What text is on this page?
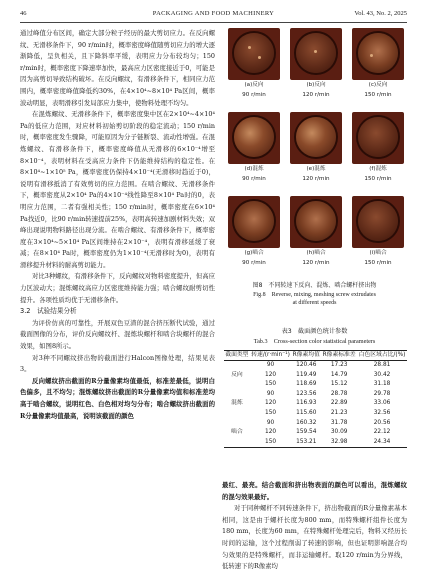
46	PACKAGING AND FOOD MACHINERY	Vol. 43, No. 2, 2025

通过峰值分布区间，确定大部分粒子经历的最大剪切应力。在反向螺纹、无滑移条件下，90 r/min时，概率密度峰值随剪切应力的增大逐渐降低，呈负相关，且下降斜率平缓，表明应力分布较均匀；150 r/min时，概率密度下降速率加快，最高应力区密度接近于0，可能是因为高剪切导致结构破坏。在反向螺纹，有滑移条件下，相同应力范围内，概率密度峰值降低约30%，在4×10⁴~8×10⁴ Pa区间，概率波动明显，表明滑移引发局部应力集中，使物料处理不均匀。

在混炼螺纹、无滑移条件下，概率密度集中区在2×10⁴~4×10⁴ Pa的低应力范围，对应材料初始剪切阶段的稳定流动；150 r/min时，概率密度发生骤降，可能原因为分子链断裂、流动性增强。在混炼螺纹、有滑移条件下，概率密度峰值从无滑移的6×10⁻⁴增至8×10⁻⁴，表明材料在受高应力条件下仍能维持结构的稳定性。在8×10⁴~1×10⁵ Pa，概率密度仍保持4×10⁻⁴(无滑移时趋近于0)，说明有滑移抵消了有效剪切的应力范围。在啮合螺纹、无滑移条件下，概率密度从2×10⁴ Pa的4×10⁻⁴线性降至8×10⁴ Pa时的0，表明应力范围，二者有强相关性；150 r/min时，概率密度在6×10⁴ Pa找近0，比90 r/min转速提前25%，表明高转速加剧材料失效；双峰出现说明物料路径出现分流。在啮合螺纹、有滑移条件下，概率密度在3×10⁴~5×10⁴ Pa区间维持在2×10⁻⁴，表明有滑移延缓了衰减；在8×10⁴ Pa时，概率密度仍为1×10⁻⁴(无滑移时为0)，表明有滑移提升材料的耐高剪切能力。

对比3种螺纹，有滑移条件下，反向螺纹对物料密度提升，但高应力区波动大；混炼螺纹高应力区密度维持能力强；啮合螺纹耐剪切性提升。各项性质均优于无滑移条件。

3.2　试验结果分析

为评价仿真的可靠性，开展双色豆渣的混合挤压断代试验，通过截面图像的分布，评价反向螺纹杆、混炼块螺杆和啮合块螺杆的混合效果，如图8所示。

对3种不同螺纹挤出物的截面进行Halcon图像处理，结果见表3。

反向螺纹挤出截面的R分量像素均值最低，标准差最低，说明白色偏多，且不均匀；混炼螺纹挤出截面的R分量像素均值和标准差均高于啮合螺纹，说明红色、白色相对均匀分布；啮合螺纹挤出截面的R分量像素均值最高，说明该截面的颜色

(a)反向
90 r/min
(b)反向
120 r/min
(c)反向
150 r/min
(d)混炼
90 r/min
(e)混炼
120 r/min
(f)混炼
150 r/min
(g)啮合
90 r/min
(h)啮合
120 r/min
(i)啮合
150 r/min
图8　不同转速下反向、混炼、啮合螺杆挤出物
Fig.8　Reverse, mixing, meshing screw extrudates
at different speeds
表3　截面颜色统计参数
Tab.3　Cross-section color statistical parameters
截面类型	转速/(r·min⁻¹)	R像素均值	R像素标准差	白色区域占比/(%)
反向	90	120.46	17.23	28.81
	120	119.49	14.79	30.42
	150	118.69	15.12	31.18
混炼	90	123.56	28.78	29.78
	120	116.93	22.89	33.06
	150	115.60	21.23	32.56
啮合	90	160.32	31.78	20.56
	120	159.54	30.09	22.12
	150	153.21	32.98	24.34

最红、最亮。结合截面和挤出物表面的颜色可以看出，混炼螺纹的混匀效果最好。

对于同种螺杆不同转速条件下，挤出物截面的R分量像素基本相同，这是由于螺杆长度为800 mm，而特殊螺杆组件长度为180 mm，长度为60 mm，在特殊螺杆处理完后，物料又经历长时间的运输，这个过程削弱了转速的影响，但也证明影响混合均匀效果的是特殊螺杆，而非运输螺杆。取120 r/min为分界线，低转速下的R像素均
